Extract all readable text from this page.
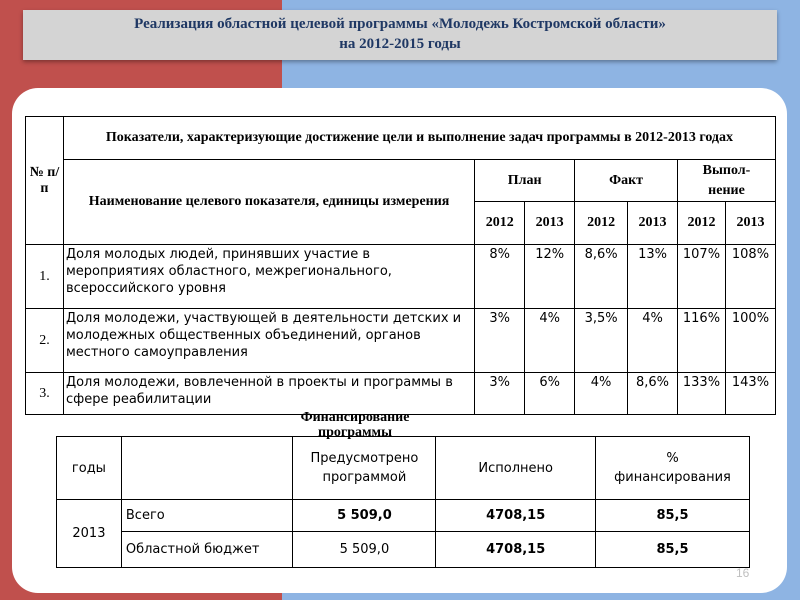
Реализация областной целевой программы «Молодежь Костромской области»
на 2012-2015 годы
№ п/п	Показатели, характеризующие достижение цели и выполнение задач программы в 2012-2013 годах						
	Наименование целевого показателя, единицы измерения	План		Факт		Выпол-
нение	
		2012	2013	2012	2013	2012	2013
1.	Доля молодых людей, принявших участие в мероприятиях областного, межрегионального, всероссийского уровня	8%	12%	8,6%	13%	107%	108%
2.	Доля молодежи, участвующей в деятельности детских и молодежных общественных объединений, органов местного самоуправления	3%	4%	3,5%	4%	116%	100%
3.	Доля молодежи, вовлеченной в проекты и программы в сфере реабилитации	3%	6%	4%	8,6%	133%	143%
Финансирование программы
годы		Предусмотрено программой	Исполнено	% финансирования
2013	Всего	5 509,0	4708,15	85,5
	Областной бюджет	5 509,0	4708,15	85,5
16
